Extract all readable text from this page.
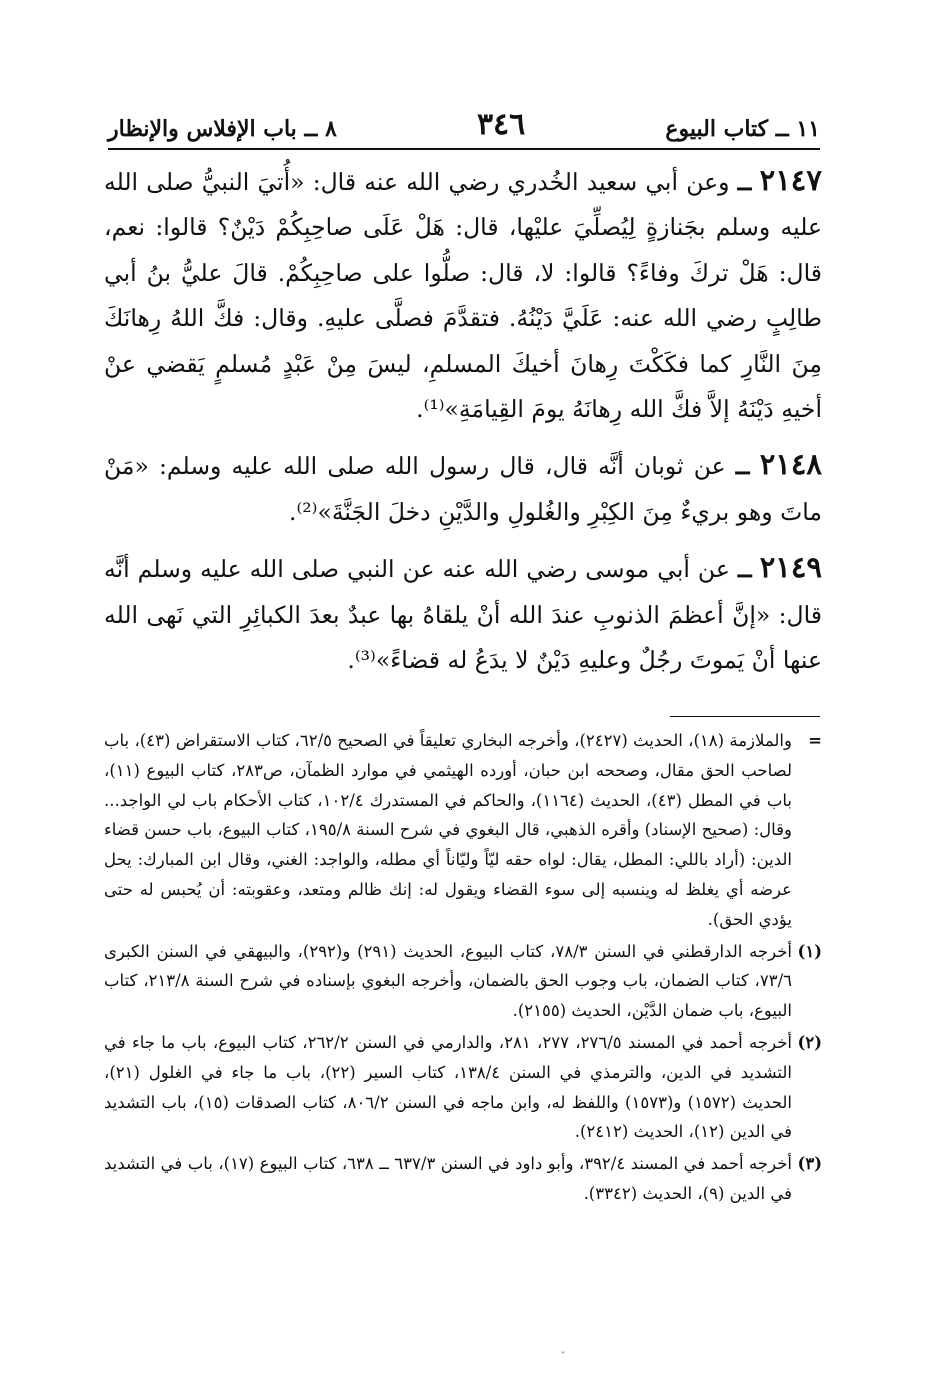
١١ ــ كتاب البيوع
٣٤٦
٨ ــ باب الإفلاس والإنظار

٢١٤٧ ــ وعن أبي سعيد الخُدري رضي الله عنه قال: «أُتيَ النبيُّ صلى الله عليه وسلم بجَنازةٍ لِيُصلِّيَ عليْها، قال: هَلْ عَلَى صاحِبِكُمْ دَيْنٌ؟ قالوا: نعم، قال: هَلْ تركَ وفاءً؟ قالوا: لا، قال: صلُّوا على صاحِبِكُمْ. قالَ عليُّ بنُ أبي طالِبٍ رضي الله عنه: عَلَيَّ دَيْنُهُ. فتقدَّمَ فصلَّى عليهِ. وقال: فكَّ اللهُ رِهانَكَ مِنَ النَّارِ كما فكَكْتَ رِهانَ أخيكَ المسلمِ، ليسَ مِنْ عَبْدٍ مُسلمٍ يَقضي عنْ أخيهِ دَيْنَهُ إلاَّ فكَّ الله رِهانَهُ يومَ القِيامَةِ»⁽¹⁾.

٢١٤٨ ــ عن ثوبان أنَّه قال، قال رسول الله صلى الله عليه وسلم: «مَنْ ماتَ وهو بريءٌ مِنَ الكِبْرِ والغُلولِ والدَّيْنِ دخلَ الجَنَّةَ»⁽²⁾.

٢١٤٩ ــ عن أبي موسى رضي الله عنه عن النبي صلى الله عليه وسلم أنَّه قال: «إنَّ أعظمَ الذنوبِ عندَ الله أنْ يلقاهُ بها عبدٌ بعدَ الكبائِرِ التي نَهى الله عنها أنْ يَموتَ رجُلٌ وعليهِ دَيْنٌ لا يدَعُ له قضاءً»⁽³⁾.

=
والملازمة (١٨)، الحديث (٢٤٢٧)، وأخرجه البخاري تعليقاً في الصحيح ٦٢/٥، كتاب الاستقراض (٤٣)، باب لصاحب الحق مقال، وصححه ابن حبان، أورده الهيثمي في موارد الظمآن، ص٢٨٣، كتاب البيوع (١١)، باب في المطل (٤٣)، الحديث (١١٦٤)، والحاكم في المستدرك ١٠٢/٤، كتاب الأحكام باب لي الواجد... وقال: (صحيح الإسناد) وأقره الذهبي، قال البغوي في شرح السنة ١٩٥/٨، كتاب البيوع، باب حسن قضاء الدين: (أراد باللي: المطل، يقال: لواه حقه ليّاً وليّاناً أي مطله، والواجد: الغني، وقال ابن المبارك: يحل عرضه أي يغلظ له وينسبه إلى سوء القضاء ويقول له: إنك ظالم ومتعد، وعقوبته: أن يُحبس له حتى يؤدي الحق).
(١)
أخرجه الدارقطني في السنن ٧٨/٣، كتاب البيوع، الحديث (٢٩١) و(٢٩٢)، والبيهقي في السنن الكبرى ٧٣/٦، كتاب الضمان، باب وجوب الحق بالضمان، وأخرجه البغوي بإسناده في شرح السنة ٢١٣/٨، كتاب البيوع، باب ضمان الدَّيْن، الحديث (٢١٥٥).
(٢)
أخرجه أحمد في المسند ٢٧٦/٥، ٢٧٧، ٢٨١، والدارمي في السنن ٢٦٢/٢، كتاب البيوع، باب ما جاء في التشديد في الدين، والترمذي في السنن ١٣٨/٤، كتاب السير (٢٢)، باب ما جاء في الغلول (٢١)، الحديث (١٥٧٢) و(١٥٧٣) واللفظ له، وابن ماجه في السنن ٨٠٦/٢، كتاب الصدقات (١٥)، باب التشديد في الدين (١٢)، الحديث (٢٤١٢).
(٣)
أخرجه أحمد في المسند ٣٩٢/٤، وأبو داود في السنن ٦٣٧/٣ ــ ٦٣٨، كتاب البيوع (١٧)، باب في التشديد في الدين (٩)، الحديث (٣٣٤٢).
ˇ
